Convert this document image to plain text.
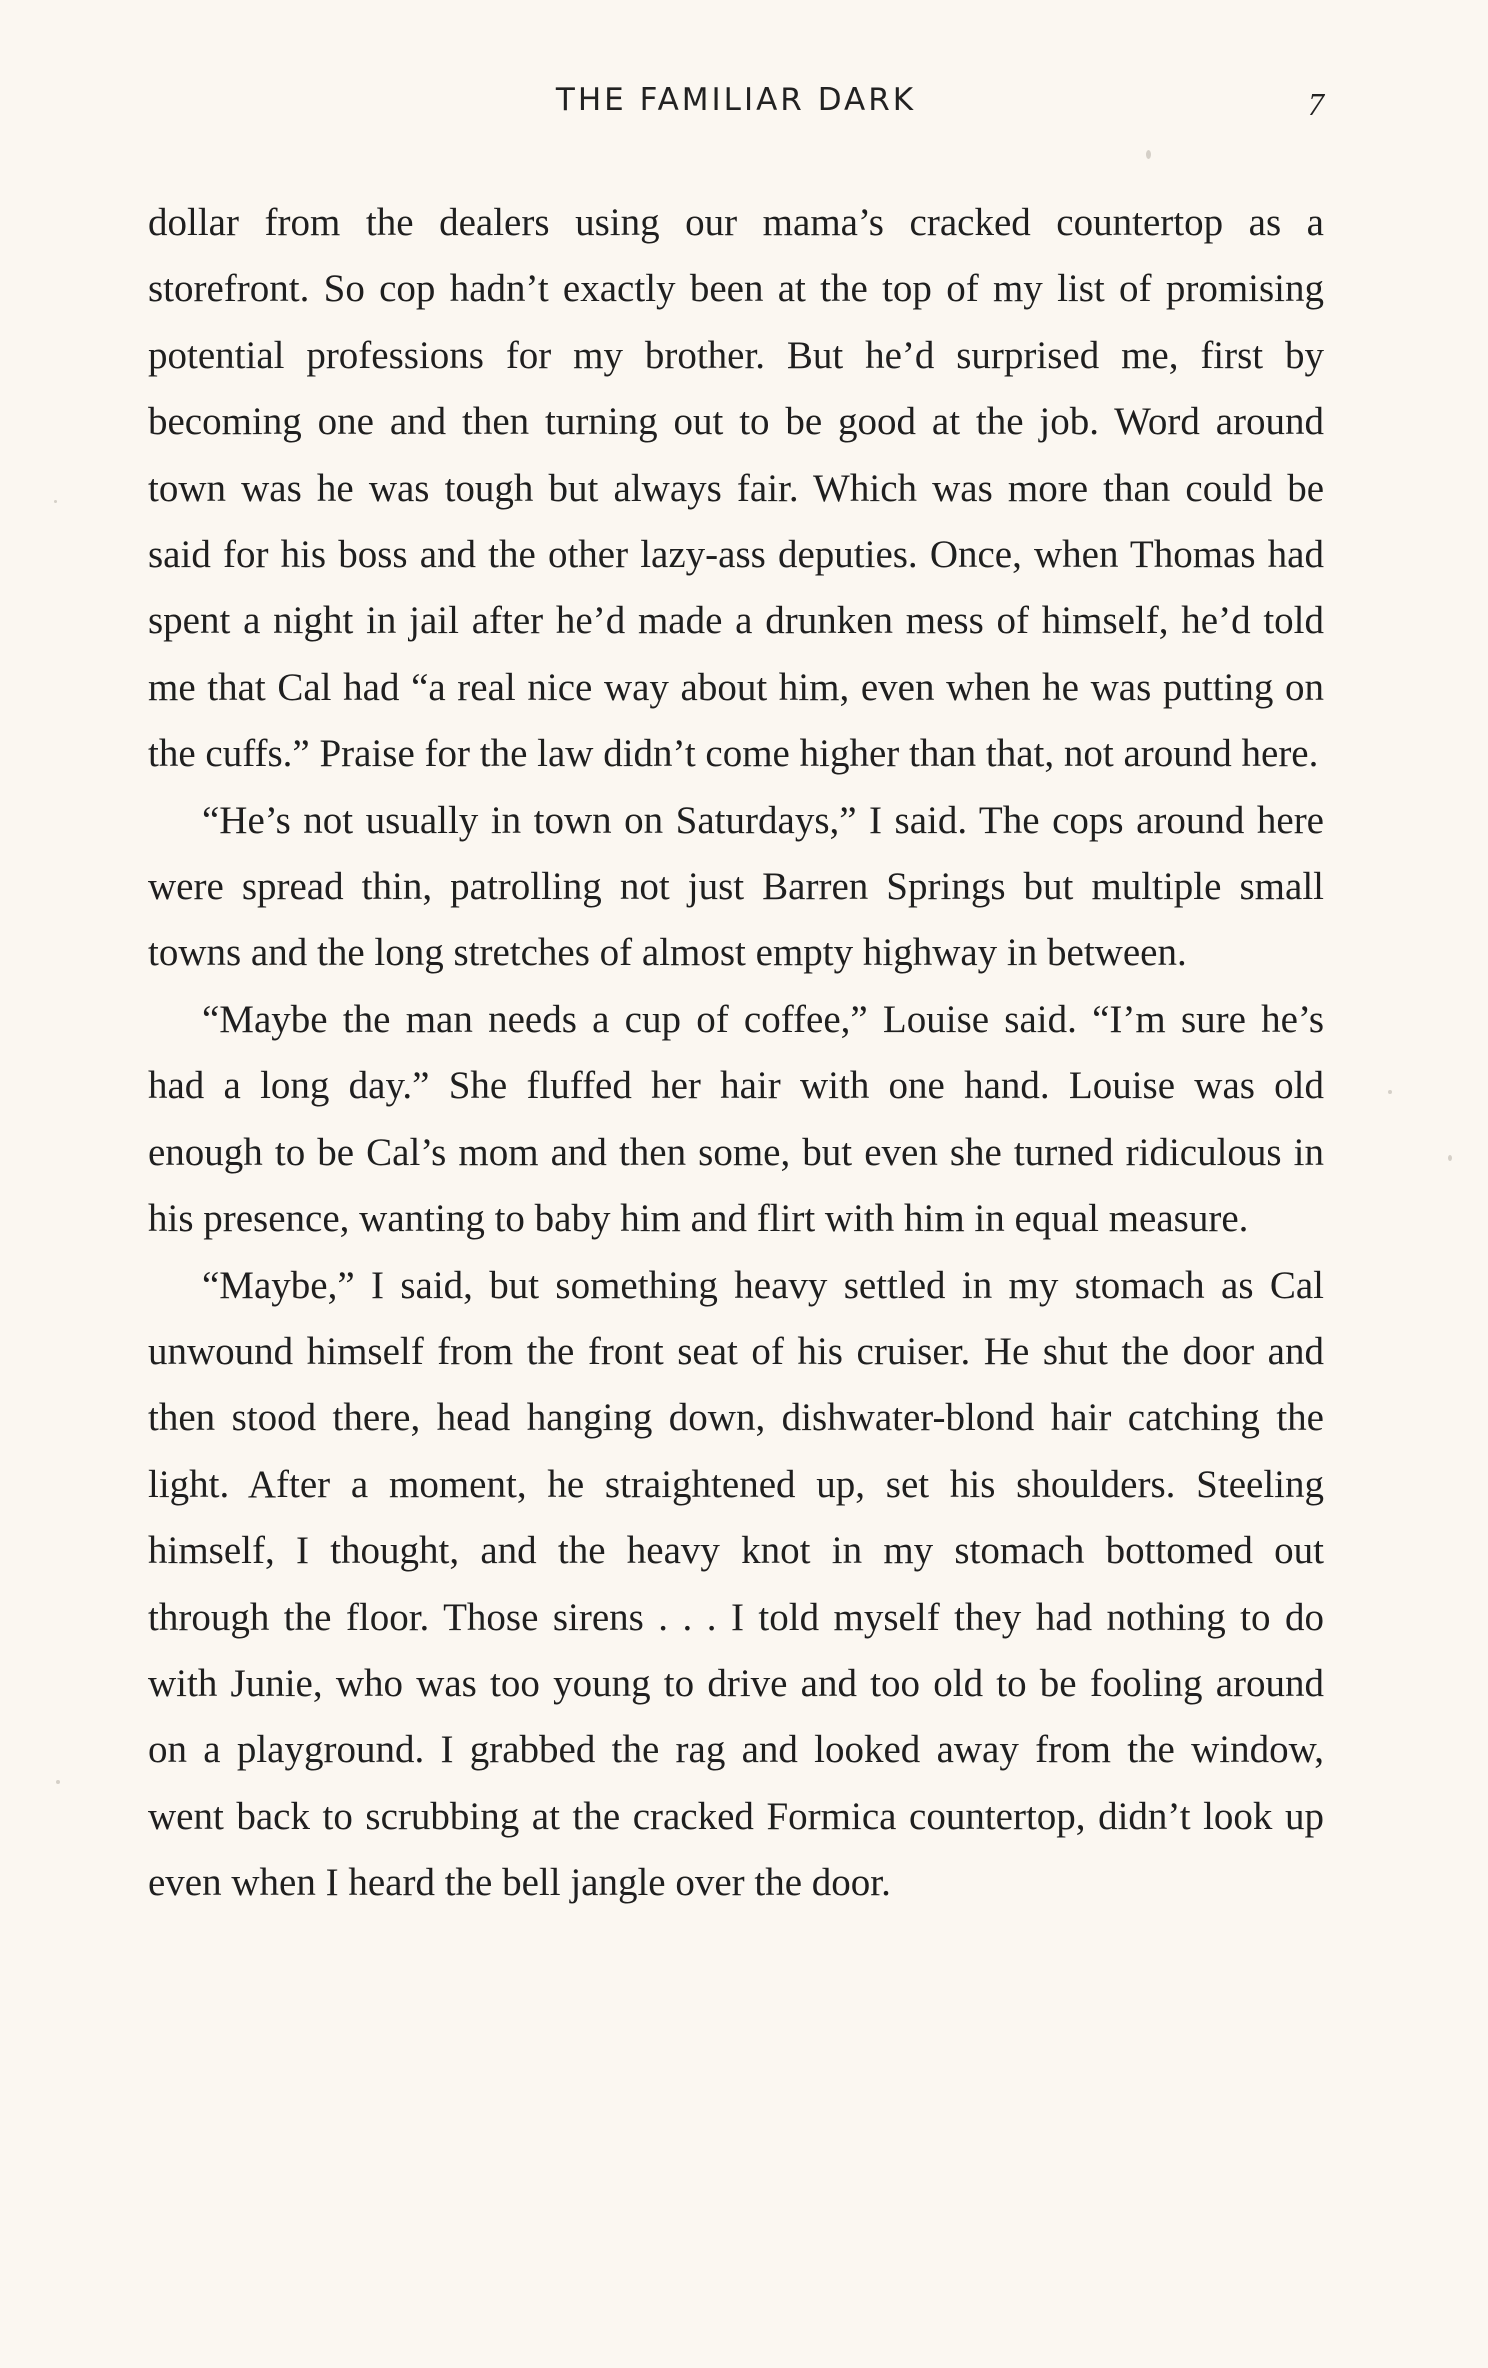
THE FAMILIAR DARK	7

dollar from the dealers using our mama’s cracked countertop as a storefront. So cop hadn’t exactly been at the top of my list of promising potential professions for my brother. But he’d surprised me, first by becoming one and then turning out to be good at the job. Word around town was he was tough but always fair. Which was more than could be said for his boss and the other lazy-ass deputies. Once, when Thomas had spent a night in jail after he’d made a drunken mess of himself, he’d told me that Cal had “a real nice way about him, even when he was putting on the cuffs.” Praise for the law didn’t come higher than that, not around here.

“He’s not usually in town on Saturdays,” I said. The cops around here were spread thin, patrolling not just Barren Springs but multiple small towns and the long stretches of almost empty highway in between.

“Maybe the man needs a cup of coffee,” Louise said. “I’m sure he’s had a long day.” She fluffed her hair with one hand. Louise was old enough to be Cal’s mom and then some, but even she turned ridiculous in his presence, wanting to baby him and flirt with him in equal measure.

“Maybe,” I said, but something heavy settled in my stomach as Cal unwound himself from the front seat of his cruiser. He shut the door and then stood there, head hanging down, dishwater-blond hair catching the light. After a moment, he straightened up, set his shoulders. Steeling himself, I thought, and the heavy knot in my stomach bottomed out through the floor. Those sirens . . . I told myself they had nothing to do with Junie, who was too young to drive and too old to be fooling around on a playground. I grabbed the rag and looked away from the window, went back to scrubbing at the cracked Formica countertop, didn’t look up even when I heard the bell jangle over the door.
